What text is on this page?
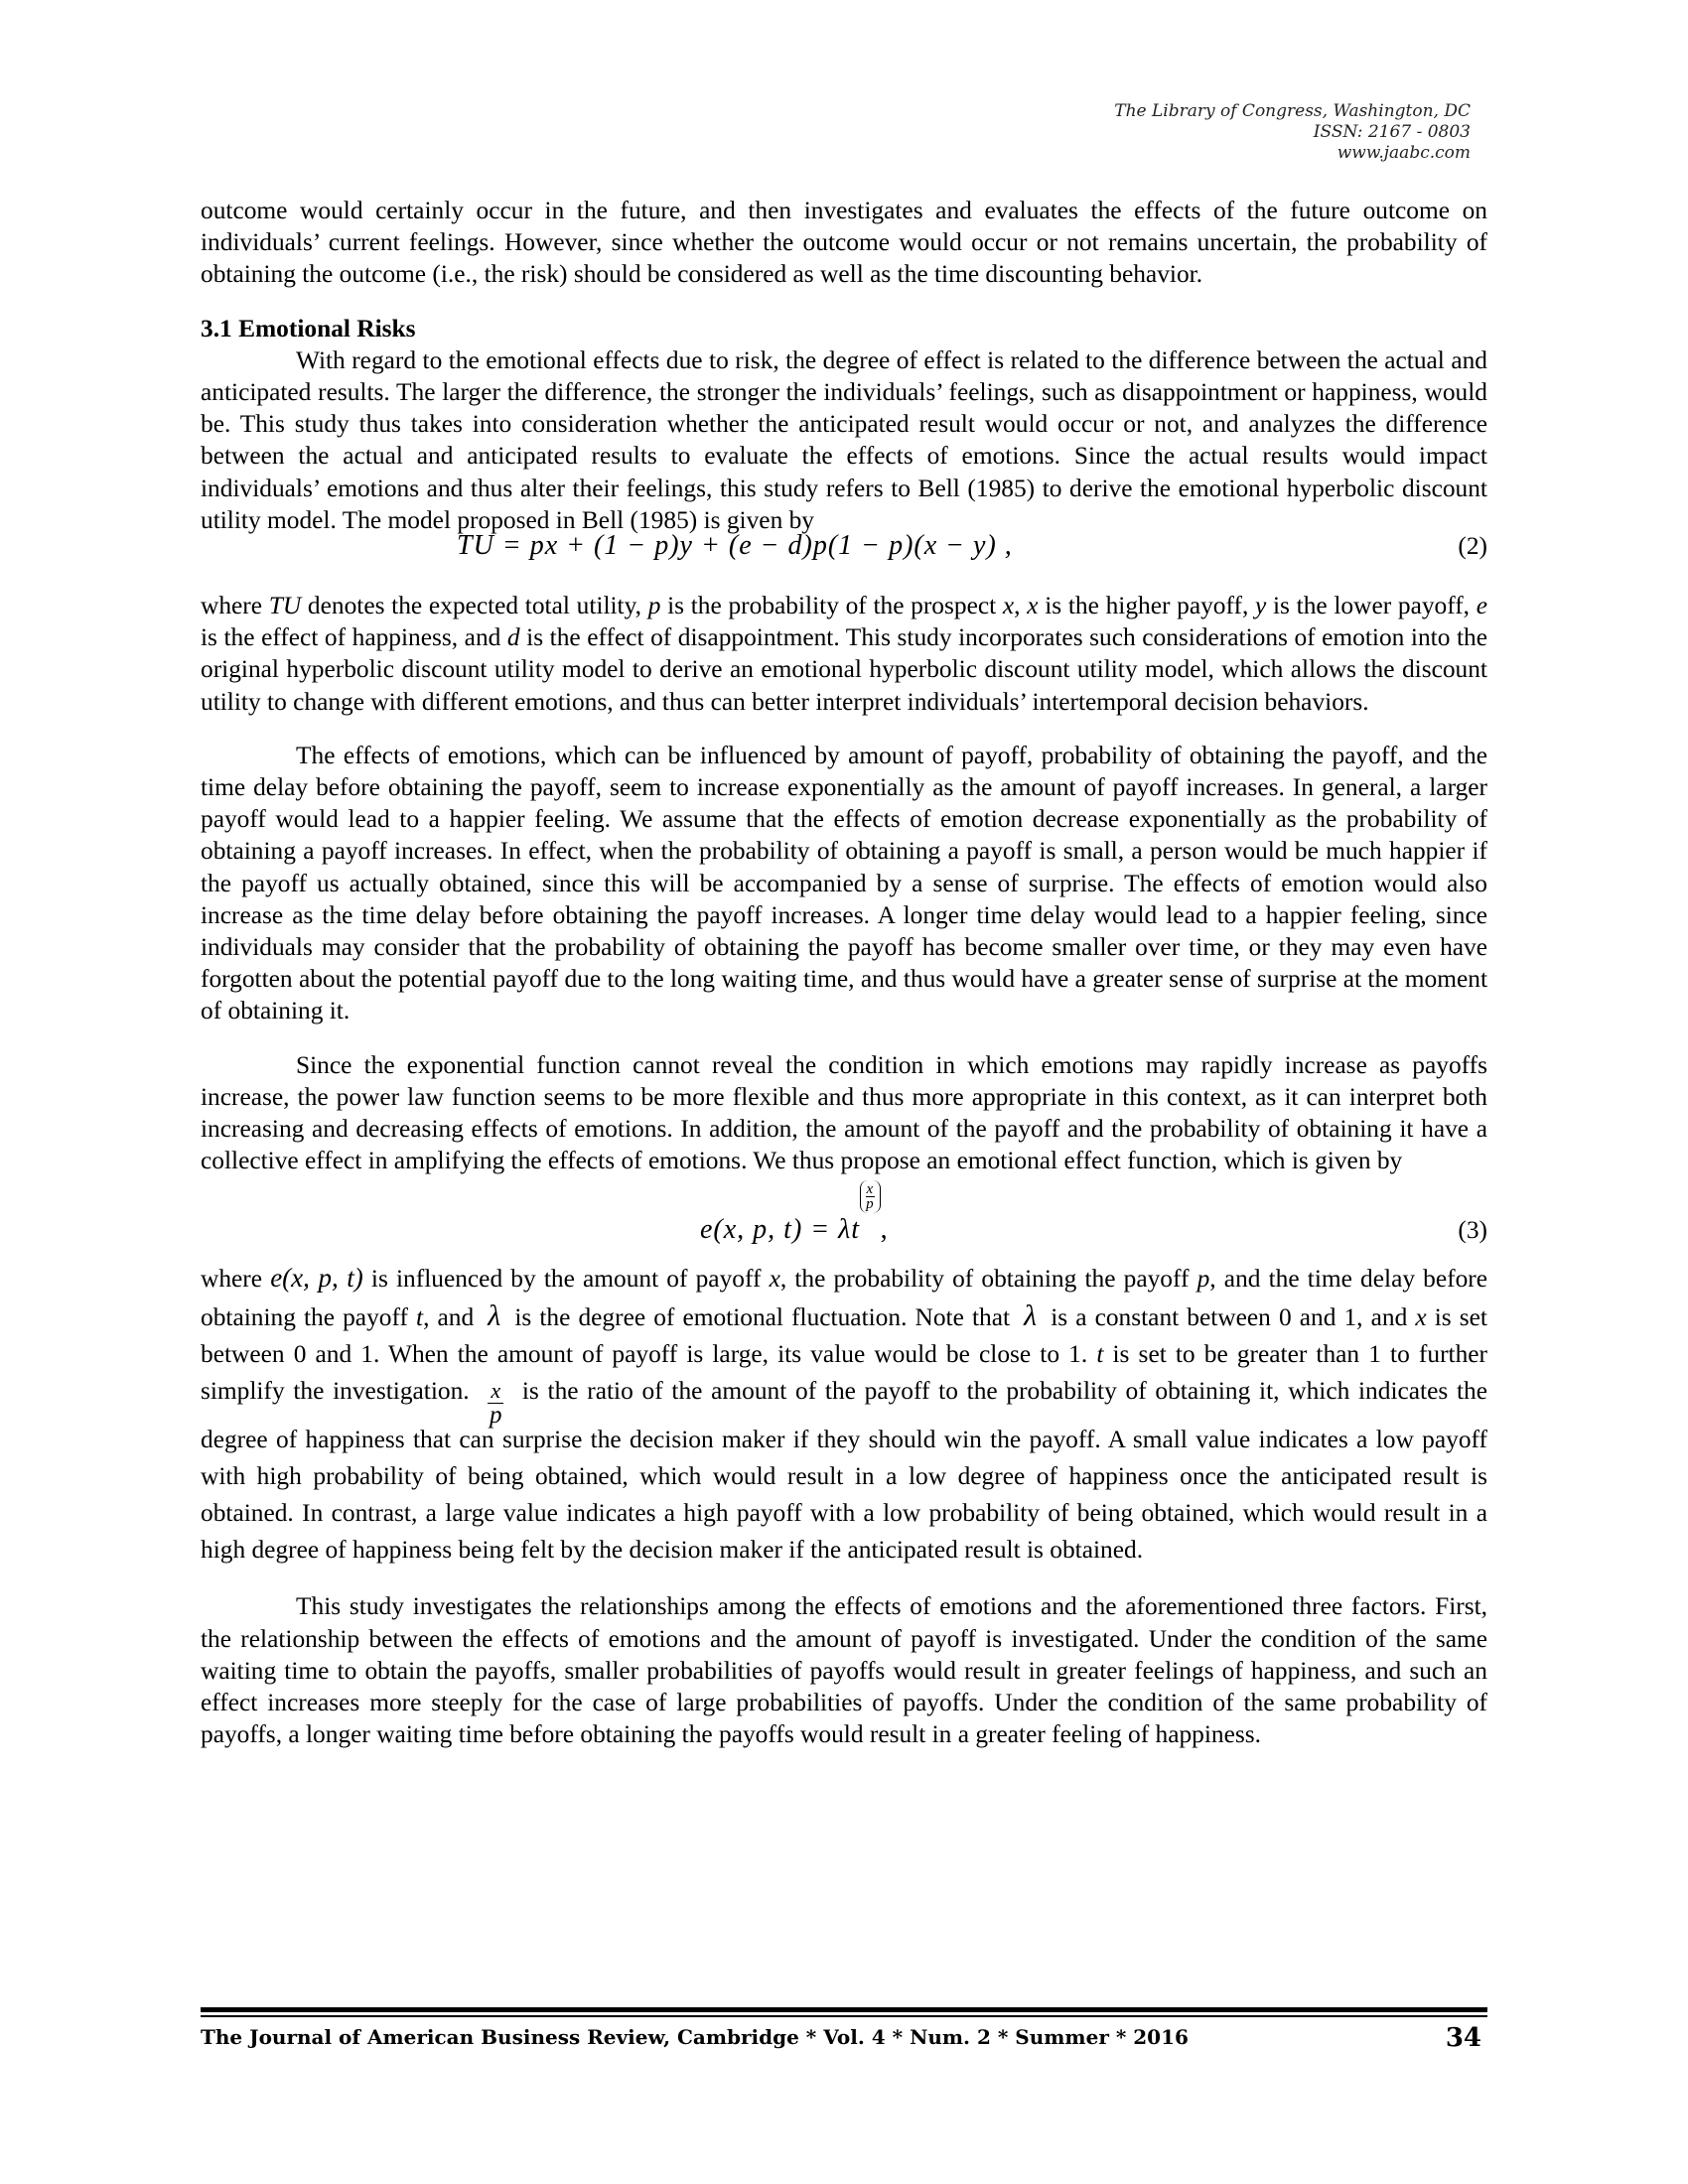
The Library of Congress, Washington, DC
ISSN: 2167 - 0803
www.jaabc.com

outcome would certainly occur in the future, and then investigates and evaluates the effects of the future outcome on individuals’ current feelings. However, since whether the outcome would occur or not remains uncertain, the probability of obtaining the outcome (i.e., the risk) should be considered as well as the time discounting behavior.

3.1 Emotional Risks

With regard to the emotional effects due to risk, the degree of effect is related to the difference between the actual and anticipated results. The larger the difference, the stronger the individuals’ feelings, such as disappointment or happiness, would be. This study thus takes into consideration whether the anticipated result would occur or not, and analyzes the difference between the actual and anticipated results to evaluate the effects of emotions. Since the actual results would impact individuals’ emotions and thus alter their feelings, this study refers to Bell (1985) to derive the emotional hyperbolic discount utility model. The model proposed in Bell (1985) is given by

TU = px + (1 − p)y + (e − d)p(1 − p)(x − y) ,	(2)

where TU denotes the expected total utility, p is the probability of the prospect x, x is the higher payoff, y is the lower payoff, e is the effect of happiness, and d is the effect of disappointment. This study incorporates such considerations of emotion into the original hyperbolic discount utility model to derive an emotional hyperbolic discount utility model, which allows the discount utility to change with different emotions, and thus can better interpret individuals’ intertemporal decision behaviors.

The effects of emotions, which can be influenced by amount of payoff, probability of obtaining the payoff, and the time delay before obtaining the payoff, seem to increase exponentially as the amount of payoff increases. In general, a larger payoff would lead to a happier feeling. We assume that the effects of emotion decrease exponentially as the probability of obtaining a payoff increases. In effect, when the probability of obtaining a payoff is small, a person would be much happier if the payoff us actually obtained, since this will be accompanied by a sense of surprise. The effects of emotion would also increase as the time delay before obtaining the payoff increases. A longer time delay would lead to a happier feeling, since individuals may consider that the probability of obtaining the payoff has become smaller over time, or they may even have forgotten about the potential payoff due to the long waiting time, and thus would have a greater sense of surprise at the moment of obtaining it.

Since the exponential function cannot reveal the condition in which emotions may rapidly increase as payoffs increase, the power law function seems to be more flexible and thus more appropriate in this context, as it can interpret both increasing and decreasing effects of emotions. In addition, the amount of the payoff and the probability of obtaining it have a collective effect in amplifying the effects of emotions. We thus propose an emotional effect function, which is given by

e(x, p, t) = λt
$\frac{x}{p}$
,	(3)

where e(x, p, t) is influenced by the amount of payoff x, the probability of obtaining the payoff p, and the time delay before obtaining the payoff t, and λ is the degree of emotional fluctuation. Note that λ is a constant between 0 and 1, and x is set between 0 and 1. When the amount of payoff is large, its value would be close to 1. t is set to be greater than 1 to further simplify the investigation. $\frac{x}{p}$ is the ratio of the amount of the payoff to the probability of obtaining it, which indicates the degree of happiness that can surprise the decision maker if they should win the payoff. A small value indicates a low payoff with high probability of being obtained, which would result in a low degree of happiness once the anticipated result is obtained. In contrast, a large value indicates a high payoff with a low probability of being obtained, which would result in a high degree of happiness being felt by the decision maker if the anticipated result is obtained.

This study investigates the relationships among the effects of emotions and the aforementioned three factors. First, the relationship between the effects of emotions and the amount of payoff is investigated. Under the condition of the same waiting time to obtain the payoffs, smaller probabilities of payoffs would result in greater feelings of happiness, and such an effect increases more steeply for the case of large probabilities of payoffs. Under the condition of the same probability of payoffs, a longer waiting time before obtaining the payoffs would result in a greater feeling of happiness.

The Journal of American Business Review, Cambridge * Vol. 4 * Num. 2 * Summer * 2016	34
